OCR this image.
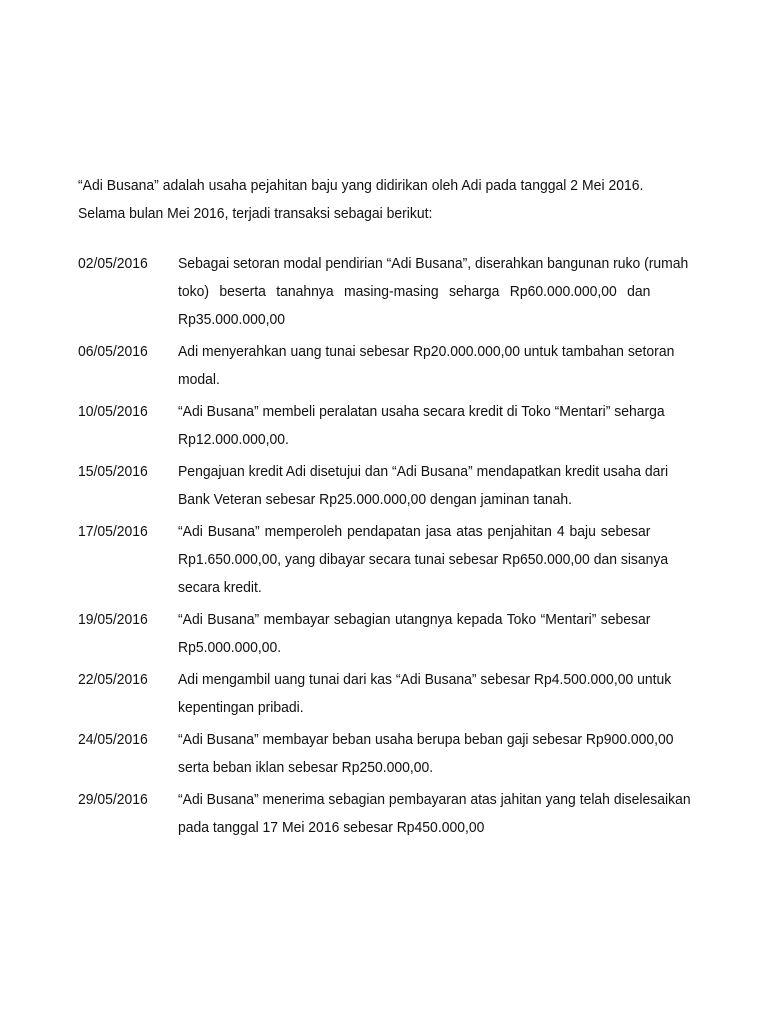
“Adi Busana” adalah usaha pejahitan baju yang didirikan oleh Adi pada tanggal 2 Mei 2016.

Selama bulan Mei 2016, terjadi transaksi sebagai berikut:

02/05/2016	Sebagai setoran modal pendirian “Adi Busana”, diserahkan bangunan ruko (rumah
toko) beserta tanahnya masing-masing seharga Rp60.000.000,00 dan
Rp35.000.000,00
06/05/2016	Adi menyerahkan uang tunai sebesar Rp20.000.000,00 untuk tambahan setoran
modal.
10/05/2016	“Adi Busana” membeli peralatan usaha secara kredit di Toko “Mentari” seharga
Rp12.000.000,00.
15/05/2016	Pengajuan kredit Adi disetujui dan “Adi Busana” mendapatkan kredit usaha dari
Bank Veteran sebesar Rp25.000.000,00 dengan jaminan tanah.
17/05/2016	“Adi Busana” memperoleh pendapatan jasa atas penjahitan 4 baju sebesar
Rp1.650.000,00, yang dibayar secara tunai sebesar Rp650.000,00 dan sisanya
secara kredit.
19/05/2016	“Adi Busana” membayar sebagian utangnya kepada Toko “Mentari” sebesar
Rp5.000.000,00.
22/05/2016	Adi mengambil uang tunai dari kas “Adi Busana” sebesar Rp4.500.000,00 untuk
kepentingan pribadi.
24/05/2016	“Adi Busana” membayar beban usaha berupa beban gaji sebesar Rp900.000,00
serta beban iklan sebesar Rp250.000,00.
29/05/2016	“Adi Busana” menerima sebagian pembayaran atas jahitan yang telah diselesaikan
pada tanggal 17 Mei 2016 sebesar Rp450.000,00
